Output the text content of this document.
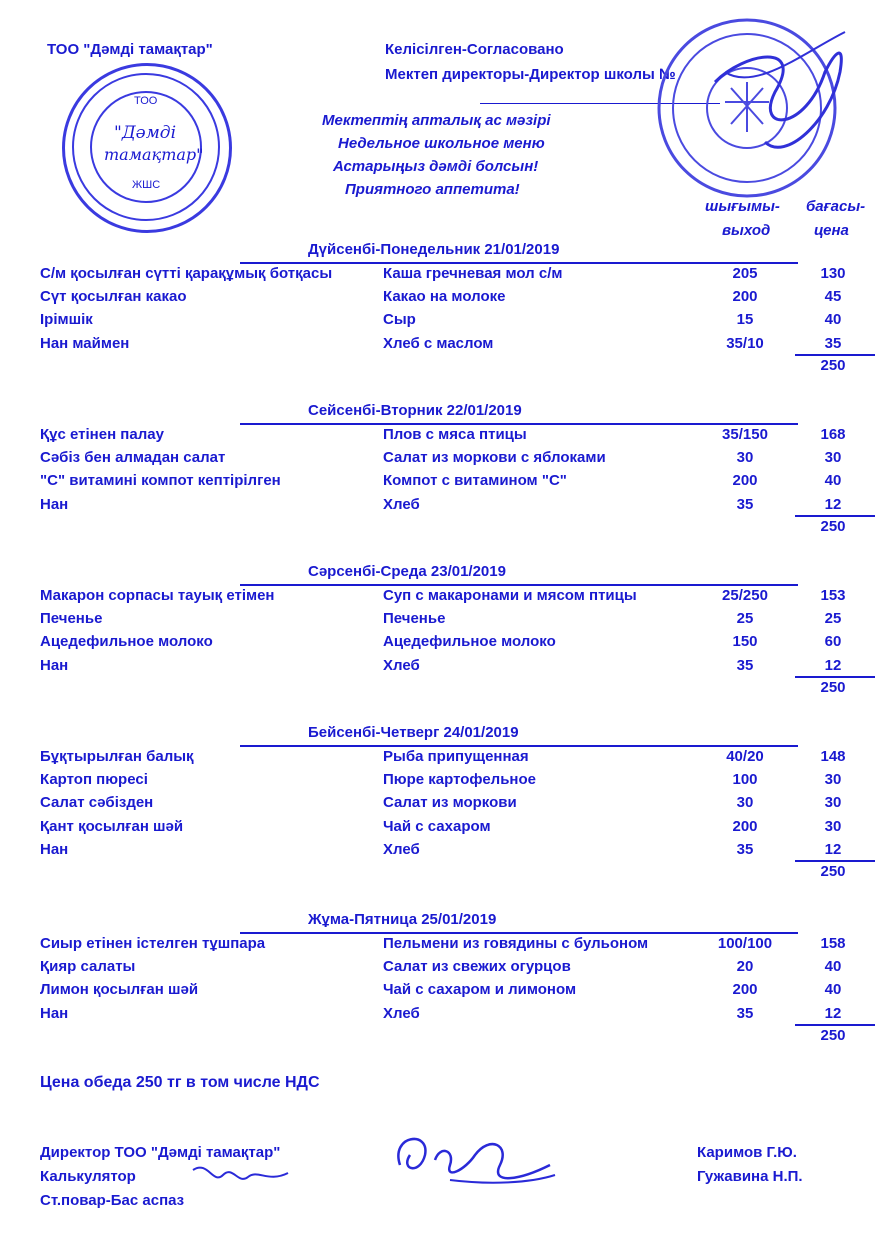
ТОО "Дәмді тамақтар"	Келісілген-Согласовано
Мектеп директоры-Директор школы №
Мектептің апталық ас мәзірі
Недельное школьное меню
Астарыңыз дәмді болсын!
Приятного аппетита!
шығымы-
выход
бағасы-
цена
ТОО
"Дәмді
тамақтар"
ЖШС
Дүйсенбі-Понедельник 21/01/2019
С/м қосылған сүтті қарақұмық ботқасы	Каша гречневая мол с/м	205	130
Сүт қосылған какао	Какао на молоке	200	45
Ірімшік	Сыр	15	40
Нан маймен	Хлеб с маслом	35/10	35
250
Сейсенбі-Вторник 22/01/2019
Құс етінен палау	Плов с мяса птицы	35/150	168
Сәбіз бен алмадан салат	Салат из моркови с яблоками	30	30
"С" витамині компот кептірілген	Компот с витамином "С"	200	40
Нан	Хлеб	35	12
250
Сәрсенбі-Среда 23/01/2019
Макарон сорпасы тауық етімен	Суп с макаронами и мясом птицы	25/250	153
Печенье	Печенье	25	25
Ацедефильное молоко	Ацедефильное молоко	150	60
Нан	Хлеб	35	12
250
Бейсенбі-Четверг 24/01/2019
Бұқтырылған балық	Рыба припущенная	40/20	148
Картоп пюресі	Пюре картофельное	100	30
Салат сәбізден	Салат из моркови	30	30
Қант қосылған шәй	Чай с сахаром	200	30
Нан	Хлеб	35	12
250
Жұма-Пятница 25/01/2019
Сиыр етінен істелген тұшпара	Пельмени из говядины с бульоном	100/100	158
Қияр салаты	Салат из свежих огурцов	20	40
Лимон қосылған шәй	Чай с сахаром и лимоном	200	40
Нан	Хлеб	35	12
250
Цена обеда 250 тг в том числе НДС
Директор ТОО "Дәмді тамақтар"
Калькулятор
Ст.повар-Бас аспаз
Каримов Г.Ю.
Гужавина Н.П.
